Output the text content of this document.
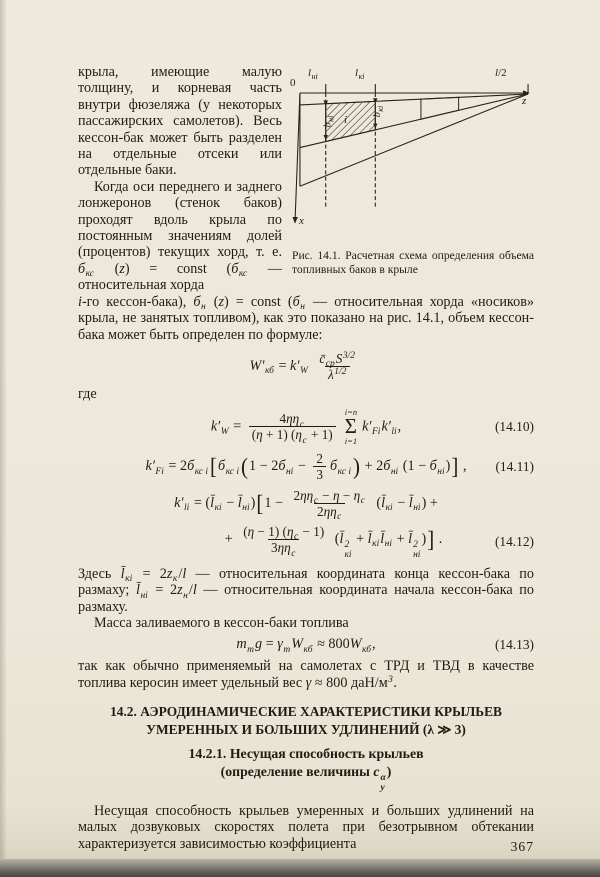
крыла, имеющие малую толщину, и корневая часть внутри фюзеляжа (у некоторых пассажирских самолетов). Весь кессон-бак может быть разделен на отдельные отсеки или отдельные баки.

Когда оси переднего и заднего лонжеронов (стенок баков) проходят вдоль крыла по постоянным значениям долей (процентов) текущих хорд, т. е. $б_{кс}$ (z) = const ($б_{кс}$ — относительная хорда

$l_{нi}$	$l_{кi}$	l/2
0
z
x
i
$b_{нi}$
$b_{кi}$
Рис. 14.1. Расчетная схема определения объема топливных баков в крыле

i-го кессон-бака), $б_н$ (z) = const ($б_н$ — относительная хорда «носиков» крыла, не занятых топливом), как это показано на рис. 14.1, объем кессон-бака может быть определен по формуле:

$W'_{кб} = k'_W \frac{c̄_{ср}S^{3/2}}{\lambda^{1/2}}$

где

$k'_W = \frac{4\eta\eta_с}{(\eta + 1) (\eta_с + 1)} i=n$
Σ
i=1
$k'_{Fi}k'_{li}$,	(14.10)
$k'_{Fi} = 2б_{кс i}[б_{кс i}(1 - 2б_{нi} - \frac{2}{3} б_{кс i}) + 2б_{нi}$ $(1 - б_{нi})$] , (14.11)
$k'_{li}$ = ($l̄_{кi}$ − $l̄_{нi})[1 - \frac{2\eta\eta_с - \eta - \eta_с}{2\eta\eta_с}$ ($l̄_{кi}$ − $l̄_{нi}$) +
+ $\frac{(\eta - 1) (\eta_с - 1)}{3\eta\eta_с}$ (l̄ 2
кi
+ $l̄_{кi}l̄_{нi}$ + l̄ 2
нi
)] .	(14.12)

Здесь $l̄_{кi} = 2z_к/l$ — относительная координата конца кессон-бака по размаху; $l̄_{нi} = 2z_н/l$ — относительная координата начала кессон-бака по размаху.

Масса заливаемого в кессон-баки топлива

$m_тg = \gamma_тW_{кб} \approx 800W_{кб}$,	(14.13)

так как обычно применяемый на самолетах с ТРД и ТВД в качестве топлива керосин имеет удельный вес γ ≈ 800 даН/$м^3$.

14.2. АЭРОДИНАМИЧЕСКИЕ ХАРАКТЕРИСТИКИ КРЫЛЬЕВ УМЕРЕННЫХ И БОЛЬШИХ УДЛИНЕНИЙ (λ ≫ 3)
14.2.1. Несущая способность крыльев
(определение величины c α
y
)

Несущая способность крыльев умеренных и больших удлинений на малых дозвуковых скоростях полета при безотрывном обтекании характеризуется зависимостью коэффициента	367
